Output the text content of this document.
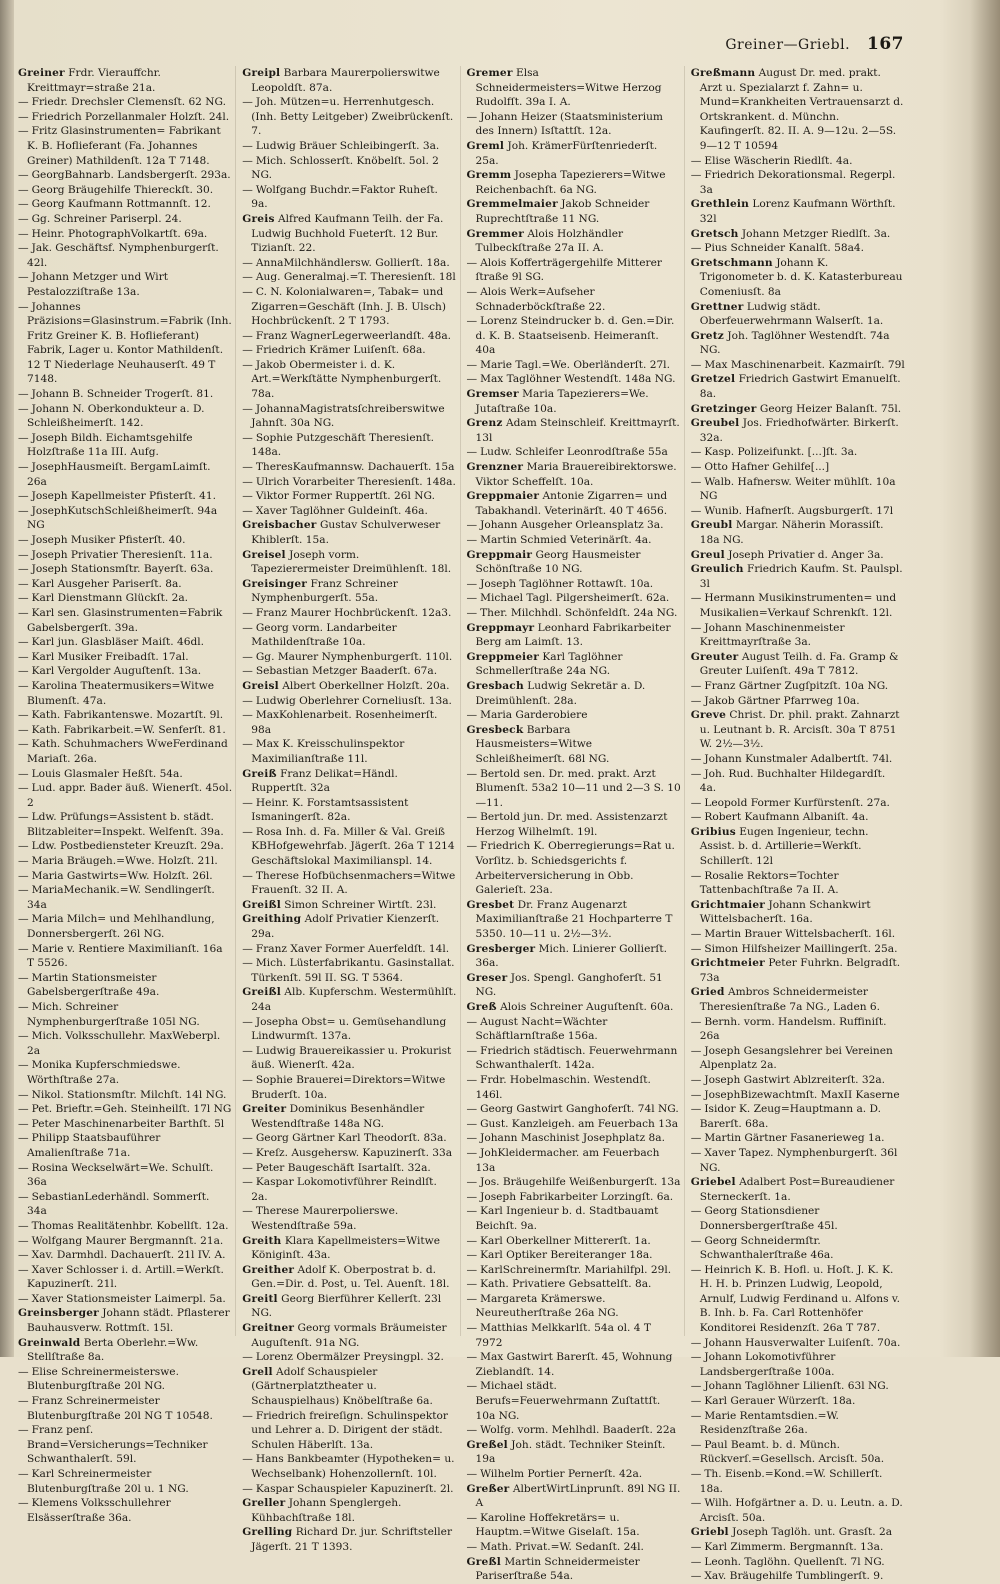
Greiner—Griebl. 167
Greiner Frdr. Vierauffchr. Kreittmayr=straße 21a.
— Friedr. Drechsler Clemensſt. 62 NG.
— Friedrich Porzellanmaler Holzſt. 24l.
— Fritz Glasinstrumenten= Fabrikant K. B. Hoflieferant (Fa. Johannes Greiner) Mathildenſt. 12a T 7148.
— GeorgBahnarb. Landsbergerſt. 293a.
— Georg Bräugehilfe Thiereckſt. 30.
— Georg Kaufmann Rottmannſt. 12.
— Gg. Schreiner Pariserpl. 24.
— Heinr. PhotographVolkartſt. 69a.
— Jak. Geschäftsf. Nymphenburgerſt. 42l.
— Johann Metzger und Wirt Pestalozziſtraße 13a.
— Johannes Präzisions=Glasinstrum.=Fabrik (Inh. Fritz Greiner K. B. Hoflieferant) Fabrik, Lager u. Kontor Mathildenſt. 12 T Niederlage Neuhauserſt. 49 T 7148.
— Johann B. Schneider Trogerſt. 81.
— Johann N. Oberkondukteur a. D. Schleißheimerſt. 142.
— Joseph Bildh. Eichamtsgehilfe Holzſtraße 11a III. Aufg.
— JosephHausmeiſt. BergamLaimſt. 26a
— Joseph Kapellmeister Pfisterſt. 41.
— JosephKutschSchleißheimerſt. 94a NG
— Joseph Musiker Pfisterſt. 40.
— Joseph Privatier Theresienſt. 11a.
— Joseph Stationsmſtr. Bayerſt. 63a.
— Karl Ausgeher Pariserſt. 8a.
— Karl Dienstmann Glückſt. 2a.
— Karl sen. Glasinstrumenten=Fabrik Gabelsbergerſt. 39a.
— Karl jun. Glasbläser Maiſt. 46dl.
— Karl Musiker Freibadſt. 17al.
— Karl Vergolder Auguſtenſt. 13a.
— Karolina Theatermusikers=Witwe Blumenſt. 47a.
— Kath. Fabrikantenswe. Mozartſt. 9l.
— Kath. Fabrikarbeit.=W. Senferſt. 81.
— Kath. Schuhmachers WweFerdinand Mariaſt. 26a.
— Louis Glasmaler Heßſt. 54a.
— Lud. appr. Bader äuß. Wienerſt. 45ol. 2
— Ldw. Prüfungs=Assistent b. städt. Blitzableiter=Inspekt. Welfenſt. 39a.
— Ldw. Postbediensteter Kreuzſt. 29a.
— Maria Bräugeh.=Wwe. Holzſt. 21l.
— Maria Gastwirts=Ww. Holzſt. 26l.
— MariaMechanik.=W. Sendlingerſt. 34a
— Maria Milch= und Mehlhandlung, Donnersbergerſt. 26l NG.
— Marie v. Rentiere Maximilianſt. 16a T 5526.
— Martin Stationsmeister Gabelsbergerſtraße 49a.
— Mich. Schreiner Nymphenburgerſtraße 105l NG.
— Mich. Volksschullehr. MaxWeberpl. 2a
— Monika Kupferschmiedswe. Wörthſtraße 27a.
— Nikol. Stationsmſtr. Milchſt. 14l NG.
— Pet. Brieftr.=Geh. Steinheilſt. 17l NG
— Peter Maschinenarbeiter Barthſt. 5l
— Philipp Staatsbauführer Amalienſtraße 71a.
— Rosina Weckselwärt=We. Schulſt. 36a
— SebastianLederhändl. Sommerſt. 34a
— Thomas Realitätenhbr. Kobellſt. 12a.
— Wolfgang Maurer Bergmannſt. 21a.
— Xav. Darmhdl. Dachauerſt. 21l IV. A.
— Xaver Schlosser i. d. Artill.=Werkſt. Kapuzinerſt. 21l.
— Xaver Stationsmeister Laimerpl. 5a.
Greinsberger Johann städt. Pflasterer Bauhausverw. Rottmſt. 15l.
Greinwald Berta Oberlehr.=Ww. Stellſtraße 8a.
— Elise Schreinermeisterswe. Blutenburgſtraße 20l NG.
— Franz Schreinermeister Blutenburgſtraße 20l NG T 10548.
— Franz penſ. Brand=Versicherungs=Techniker Schwanthalerſt. 59l.
— Karl Schreinermeister Blutenburgſtraße 20l u. 1 NG.
— Klemens Volksschullehrer Elsässerſtraße 36a.
Greipl Barbara Maurerpolierswitwe Leopoldſt. 87a.
— Joh. Mützen=u. Herrenhutgesch. (Inh. Betty Leitgeber) Zweibrückenſt. 7.
— Ludwig Bräuer Schleibingerſt. 3a.
— Mich. Schlosserſt. Knöbelſt. 5ol. 2 NG.
— Wolfgang Buchdr.=Faktor Ruheſt. 9a.
Greis Alfred Kaufmann Teilh. der Fa. Ludwig Buchhold Fueterſt. 12 Bur. Tizianſt. 22.
— AnnaMilchhändlersw. Gollierſt. 18a.
— Aug. Generalmaj.=T. Theresienſt. 18l
— C. N. Kolonialwaren=, Tabak= und Zigarren=Geschäft (Inh. J. B. Ulsch) Hochbrückenſt. 2 T 1793.
— Franz WagnerLegerweerlandſt. 48a.
— Friedrich Krämer Luiſenſt. 68a.
— Jakob Obermeister i. d. K. Art.=Werkſtätte Nymphenburgerſt. 78a.
— JohannaMagistratsſchreiberswitwe Jahnſt. 30a NG.
— Sophie Putzgeschäft Theresienſt. 148a.
— TheresKaufmannsw. Dachauerſt. 15a
— Ulrich Vorarbeiter Theresienſt. 148a.
— Viktor Former Ruppertſt. 26l NG.
— Xaver Taglöhner Guldeinſt. 46a.
Greisbacher Gustav Schulverweser Khiblerſt. 15a.
Greisel Joseph vorm. Tapezierermeister Dreimühlenſt. 18l.
Greisinger Franz Schreiner Nymphenburgerſt. 55a.
— Franz Maurer Hochbrückenſt. 12a3.
— Georg vorm. Landarbeiter Mathildenſtraße 10a.
— Gg. Maurer Nymphenburgerſt. 110l.
— Sebastian Metzger Baaderſt. 67a.
Greisl Albert Oberkellner Holzſt. 20a.
— Ludwig Oberlehrer Corneliusſt. 13a.
— MaxKohlenarbeit. Rosenheimerſt. 98a
— Max K. Kreisschulinspektor Maximilianſtraße 11l.
Greiß Franz Delikat=Händl. Ruppertſt. 32a
— Heinr. K. Forstamtsassistent Ismaningerſt. 82a.
— Rosa Inh. d. Fa. Miller & Val. Greiß KBHofgewehrfab. Jägerſt. 26a T 1214 Geschäftslokal Maximilianspl. 14.
— Therese Hofbüchsenmachers=Witwe Frauenſt. 32 II. A.
Greißl Simon Schreiner Wirtſt. 23l.
Greithing Adolf Privatier Kienzerſt. 29a.
— Franz Xaver Former Auerfeldſt. 14l.
— Mich. Lüsterfabrikantu. Gasinstallat. Türkenſt. 59l II. SG. T 5364.
Greißl Alb. Kupferschm. Westermühlſt. 24a
— Josepha Obst= u. Gemüsehandlung Lindwurmſt. 137a.
— Ludwig Brauereikassier u. Prokurist äuß. Wienerſt. 42a.
— Sophie Brauerei=Direktors=Witwe Bruderſt. 10a.
Greiter Dominikus Besenhändler Westendſtraße 148a NG.
— Georg Gärtner Karl Theodorſt. 83a.
— Kreſz. Ausgehersw. Kapuzinerſt. 33a
— Peter Baugeschäft Isartalſt. 32a.
— Kaspar Lokomotivführer Reindlſt. 2a.
— Therese Maurerpolierswe. Westendſtraße 59a.
Greith Klara Kapellmeisters=Witwe Königinſt. 43a.
Greither Adolf K. Oberpostrat b. d. Gen.=Dir. d. Post, u. Tel. Auenſt. 18l.
Greitl Georg Bierführer Kellerſt. 23l NG.
Greitner Georg vormals Bräumeister Auguſtenſt. 91a NG.
— Lorenz Obermälzer Preysingpl. 32.
Grell Adolf Schauspieler (Gärtnerplatztheater u. Schauspielhaus) Knöbelſtraße 6a.
— Friedrich freireſign. Schulinspektor und Lehrer a. D. Dirigent der städt. Schulen Häberlſt. 13a.
— Hans Bankbeamter (Hypotheken= u. Wechselbank) Hohenzollernſt. 10l.
— Kaspar Schauspieler Kapuzinerſt. 2l.
Greller Johann Spenglergeh. Kühbachſtraße 18l.
Grelling Richard Dr. jur. Schriftsteller Jägerſt. 21 T 1393.
Gremer Elsa Schneidermeisters=Witwe Herzog Rudolfſt. 39a I. A.
— Johann Heizer (Staatsministerium des Innern) Isſtattſt. 12a.
Greml Joh. KrämerFürſtenriederſt. 25a.
Gremm Josepha Tapezierers=Witwe Reichenbachſt. 6a NG.
Gremmelmaier Jakob Schneider Ruprechtſtraße 11 NG.
Gremmer Alois Holzhändler Tulbeckſtraße 27a II. A.
— Alois Kofferträgergehilfe Mitterer ſtraße 9l SG.
— Alois Werk=Aufseher Schnaderböckſtraße 22.
— Lorenz Steindrucker b. d. Gen.=Dir. d. K. B. Staatseisenb. Heimeranſt. 40a
— Marie Tagl.=We. Oberländerſt. 27l.
— Max Taglöhner Westendſt. 148a NG.
Gremser Maria Tapezierers=We. Jutaſtraße 10a.
Grenz Adam Steinschleif. Kreittmayrſt. 13l
— Ludw. Schleifer Leonrodſtraße 55a
Grenzner Maria Brauereibirektorswe. Viktor Scheffelſt. 10a.
Greppmaier Antonie Zigarren= und Tabakhandl. Veterinärſt. 40 T 4656.
— Johann Ausgeher Orleansplatz 3a.
— Martin Schmied Veterinärſt. 4a.
Greppmair Georg Hausmeister Schönſtraße 10 NG.
— Joseph Taglöhner Rottawſt. 10a.
— Michael Tagl. Pilgersheimerſt. 62a.
— Ther. Milchhdl. Schönfeldſt. 24a NG.
Greppmayr Leonhard Fabrikarbeiter Berg am Laimſt. 13.
Greppmeier Karl Taglöhner Schmellerſtraße 24a NG.
Gresbach Ludwig Sekretär a. D. Dreimühlenſt. 28a.
— Maria Garderobiere
Gresbeck Barbara Hausmeisters=Witwe Schleißheimerſt. 68l NG.
— Bertold sen. Dr. med. prakt. Arzt Blumenſt. 53a2 10—11 und 2—3 S. 10—11.
— Bertold jun. Dr. med. Assistenzarzt Herzog Wilhelmſt. 19l.
— Friedrich K. Oberregierungs=Rat u. Vorſitz. b. Schiedsgerichts f. Arbeiterversicherung in Obb. Galerieſt. 23a.
Gresbet Dr. Franz Augenarzt Maximilianſtraße 21 Hochparterre T 5350. 10—11 u. 2½—3½.
Gresberger Mich. Linierer Gollierſt. 36a.
Greser Jos. Spengl. Ganghoferſt. 51 NG.
Greß Alois Schreiner Auguſtenſt. 60a.
— August Nacht=Wächter Schäftlarnſtraße 156a.
— Friedrich städtisch. Feuerwehrmann Schwanthalerſt. 142a.
— Frdr. Hobelmaschin. Westendſt. 146l.
— Georg Gastwirt Ganghoferſt. 74l NG.
— Gust. Kanzleigeh. am Feuerbach 13a
— Johann Maschinist Josephplatz 8a.
— JohKleidermacher. am Feuerbach 13a
— Jos. Bräugehilfe Weißenburgerſt. 13a
— Joseph Fabrikarbeiter Lorzingſt. 6a.
— Karl Ingenieur b. d. Stadtbauamt Beichſt. 9a.
— Karl Oberkellner Mittererſt. 1a.
— Karl Optiker Bereiteranger 18a.
— KarlSchreinermſtr. Mariahilfpl. 29l.
— Kath. Privatiere Gebsattelſt. 8a.
— Margareta Krämerswe. Neureutherſtraße 26a NG.
— Matthias Melkkarlſt. 54a ol. 4 T 7972
— Max Gastwirt Barerſt. 45, Wohnung Zieblandſt. 14.
— Michael städt. Berufs=Feuerwehrmann Zuſtattſt. 10a NG.
— Wolfg. vorm. Mehlhdl. Baaderſt. 22a
Greßel Joh. städt. Techniker Steinſt. 19a
— Wilhelm Portier Pernerſt. 42a.
Greßer AlbertWirtLinprunſt. 89l NG II. A
— Karoline Hoffekretärs= u. Hauptm.=Witwe Giselaſt. 15a.
— Math. Privat.=W. Sedanſt. 24l.
Greßl Martin Schneidermeister Pariserſtraße 54a.
Greßmann August Dr. med. prakt. Arzt u. Spezialarzt f. Zahn= u. Mund=Krankheiten Vertrauensarzt d. Ortskrankent. d. Münchn. Kaufingerſt. 82. II. A. 9—12u. 2—5S. 9—12 T 10594
— Elise Wäscherin Riedlſt. 4a.
— Friedrich Dekorationsmal. Regerpl. 3a
Grethlein Lorenz Kaufmann Wörthſt. 32l
Gretsch Johann Metzger Riedlſt. 3a.
— Pius Schneider Kanalſt. 58a4.
Gretschmann Johann K. Trigonometer b. d. K. Katasterbureau Comeniusſt. 8a
Grettner Ludwig städt. Oberfeuerwehrmann Walserſt. 1a.
Gretz Joh. Taglöhner Westendſt. 74a NG.
— Max Maschinenarbeit. Kazmairſt. 79l
Gretzel Friedrich Gastwirt Emanuelſt. 8a.
Gretzinger Georg Heizer Balanſt. 75l.
Greubel Jos. Friedhofwärter. Birkerſt. 32a.
— Kasp. Polizeifunkt. [...]ſt. 3a.
— Otto Hafner Gehilfe[...]
— Walb. Hafnersw. Weiter mühlſt. 10a NG
— Wunib. Hafnerſt. Augsburgerſt. 17l
Greubl Margar. Näherin Morassiſt. 18a NG.
Greul Joseph Privatier d. Anger 3a.
Greulich Friedrich Kaufm. St. Paulspl. 3l
— Hermann Musikinstrumenten= und Musikalien=Verkauf Schrenkſt. 12l.
— Johann Maschinenmeister Kreittmayrſtraße 3a.
Greuter August Teilh. d. Fa. Gramp & Greuter Luiſenſt. 49a T 7812.
— Franz Gärtner Zugſpitzſt. 10a NG.
— Jakob Gärtner Pfarrweg 10a.
Greve Christ. Dr. phil. prakt. Zahnarzt u. Leutnant b. R. Arcisſt. 30a T 8751 W. 2½—3½.
— Johann Kunstmaler Adalbertſt. 74l.
— Joh. Rud. Buchhalter Hildegardſt. 4a.
— Leopold Former Kurfürstenſt. 27a.
— Robert Kaufmann Albaniſt. 4a.
Gribius Eugen Ingenieur, techn. Assist. b. d. Artillerie=Werkſt. Schillerſt. 12l
— Rosalie Rektors=Tochter Tattenbachſtraße 7a II. A.
Grichtmaier Johann Schankwirt Wittelsbacherſt. 16a.
— Martin Brauer Wittelsbacherſt. 16l.
— Simon Hilfsheizer Maillingerſt. 25a.
Grichtmeier Peter Fuhrkn. Belgradſt. 73a
Gried Ambros Schneidermeister Theresienſtraße 7a NG., Laden 6.
— Bernh. vorm. Handelsm. Ruffiniſt. 26a
— Joseph Gesangslehrer bei Vereinen Alpenplatz 2a.
— Joseph Gastwirt Ablzreiterſt. 32a.
— JosephBizewachtmſt. MaxII Kaserne
— Isidor K. Zeug=Hauptmann a. D. Barerſt. 68a.
— Martin Gärtner Fasanerieweg 1a.
— Xaver Tapez. Nymphenburgerſt. 36l NG.
Griebel Adalbert Post=Bureaudiener Sterneckerſt. 1a.
— Georg Stationsdiener Donnersbergerſtraße 45l.
— Georg Schneidermſtr. Schwanthalerſtraße 46a.
— Heinrich K. B. Hofl. u. Hoſt. J. K. K. H. H. b. Prinzen Ludwig, Leopold, Arnulf, Ludwig Ferdinand u. Alfons v. B. Inh. b. Fa. Carl Rottenhöfer Konditorei Residenzſt. 26a T 787.
— Johann Hausverwalter Luiſenſt. 70a.
— Johann Lokomotivführer Landsbergerſtraße 100a.
— Johann Taglöhner Lilienſt. 63l NG.
— Karl Gerauer Würzerſt. 18a.
— Marie Rentamtsdien.=W. Residenzſtraße 26a.
— Paul Beamt. b. d. Münch. Rückverſ.=Gesellsch. Arcisſt. 50a.
— Th. Eisenb.=Kond.=W. Schillerſt. 18a.
— Wilh. Hofgärtner a. D. u. Leutn. a. D. Arcisſt. 50a.
Griebl Joseph Taglöh. unt. Grasſt. 2a
— Karl Zimmerm. Bergmannſt. 13a.
— Leonh. Taglöhn. Quellenſt. 7l NG.
— Xav. Bräugehilfe Tumblingerſt. 9.
